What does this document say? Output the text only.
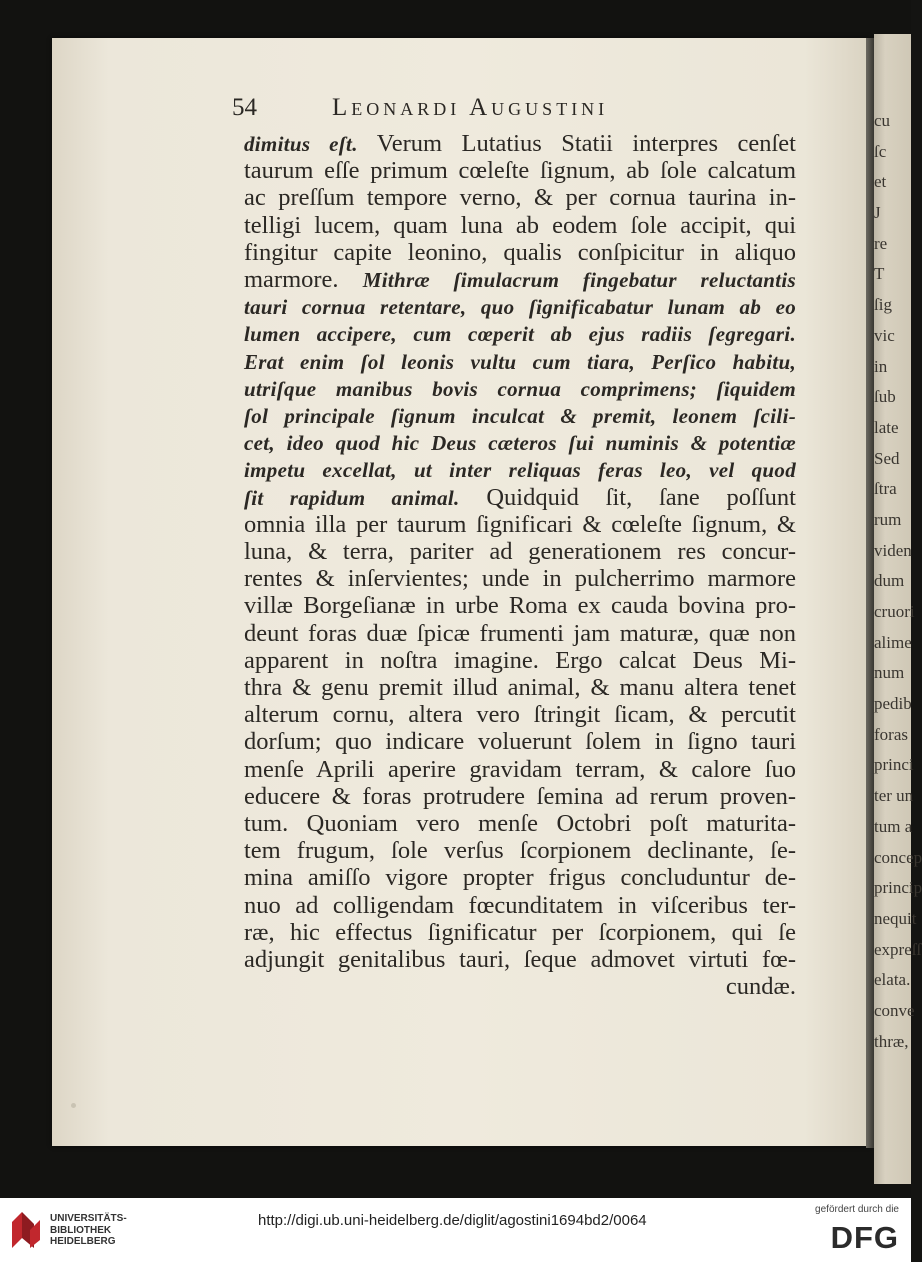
cu
ſc
et
J
re
T
ſig
vic
in
ſub
late
Sed
ſtra
rum
viden
dum
cruori
alime
num
pedib
foras
princi
ter un
tum a
concep
princip
nequit
expreſſ
elata.
conve
thræ,
54	Leonardi Augustini
dimitus eſt. Verum Lutatius Statii interpres cenſet
taurum eſſe primum cœleſte ſignum, ab ſole calcatum
ac preſſum tempore verno, & per cornua taurina in-
telligi lucem, quam luna ab eodem ſole accipit, qui
fingitur capite leonino, qualis conſpicitur in aliquo
marmore. Mithræ ſimulacrum fingebatur reluctantis
tauri cornua retentare, quo ſignificabatur lunam ab eo
lumen accipere, cum cœperit ab ejus radiis ſegregari.
Erat enim ſol leonis vultu cum tiara, Perſico habitu,
utriſque manibus bovis cornua comprimens; ſiquidem
ſol principale ſignum inculcat & premit, leonem ſcili-
cet, ideo quod hic Deus cæteros ſui numinis & potentiæ
impetu excellat, ut inter reliquas feras leo, vel quod
ſit rapidum animal. Quidquid ſit, ſane poſſunt
omnia illa per taurum ſignificari & cœleſte ſignum, &
luna, & terra, pariter ad generationem res concur-
rentes & inſervientes; unde in pulcherrimo marmore
villæ Borgeſianæ in urbe Roma ex cauda bovina pro-
deunt foras duæ ſpicæ frumenti jam maturæ, quæ non
apparent in noſtra imagine. Ergo calcat Deus Mi-
thra & genu premit illud animal, & manu altera tenet
alterum cornu, altera vero ſtringit ſicam, & percutit
dorſum; quo indicare voluerunt ſolem in ſigno tauri
menſe Aprili aperire gravidam terram, & calore ſuo
educere & foras protrudere ſemina ad rerum proven-
tum. Quoniam vero menſe Octobri poſt maturita-
tem frugum, ſole verſus ſcorpionem declinante, ſe-
mina amiſſo vigore propter frigus concluduntur de-
nuo ad colligendam fœcunditatem in viſceribus ter-
ræ, hic effectus ſignificatur per ſcorpionem, qui ſe
adjungit genitalibus tauri, ſeque admovet virtuti fœ-
cundæ.
UNIVERSITÄTS-
BIBLIOTHEK
HEIDELBERG
http://digi.ub.uni-heidelberg.de/diglit/agostini1694bd2/0064
gefördert durch die
DFG
